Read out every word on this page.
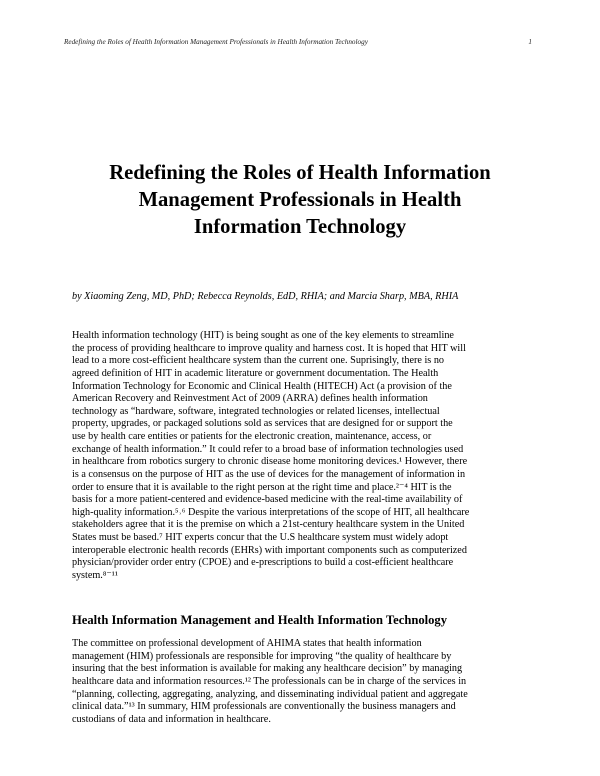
Redefining the Roles of Health Information Management Professionals in Health Information Technology	1
Redefining the Roles of Health Information
Management Professionals in Health
Information Technology

by Xiaoming Zeng, MD, PhD; Rebecca Reynolds, EdD, RHIA; and Marcia Sharp, MBA, RHIA

Health information technology (HIT) is being sought as one of the key elements to streamline
the process of providing healthcare to improve quality and harness cost. It is hoped that HIT will
lead to a more cost-efficient healthcare system than the current one. Suprisingly, there is no
agreed definition of HIT in academic literature or government documentation. The Health
Information Technology for Economic and Clinical Health (HITECH) Act (a provision of the
American Recovery and Reinvestment Act of 2009 (ARRA) defines health information
technology as “hardware, software, integrated technologies or related licenses, intellectual
property, upgrades, or packaged solutions sold as services that are designed for or support the
use by health care entities or patients for the electronic creation, maintenance, access, or
exchange of health information.” It could refer to a broad base of information technologies used
in healthcare from robotics surgery to chronic disease home monitoring devices.¹ However, there
is a consensus on the purpose of HIT as the use of devices for the management of information in
order to ensure that it is available to the right person at the right time and place.²⁻⁴ HIT is the
basis for a more patient-centered and evidence-based medicine with the real-time availability of
high-quality information.⁵˒⁶ Despite the various interpretations of the scope of HIT, all healthcare
stakeholders agree that it is the premise on which a 21st-century healthcare system in the United
States must be based.⁷ HIT experts concur that the U.S healthcare system must widely adopt
interoperable electronic health records (EHRs) with important components such as computerized
physician/provider order entry (CPOE) and e-prescriptions to build a cost-efficient healthcare
system.⁸⁻¹¹
Health Information Management and Health Information Technology
The committee on professional development of AHIMA states that health information
management (HIM) professionals are responsible for improving “the quality of healthcare by
insuring that the best information is available for making any healthcare decision” by managing
healthcare data and information resources.¹² The professionals can be in charge of the services in
“planning, collecting, aggregating, analyzing, and disseminating individual patient and aggregate
clinical data.”¹³ In summary, HIM professionals are conventionally the business managers and
custodians of data and information in healthcare.
